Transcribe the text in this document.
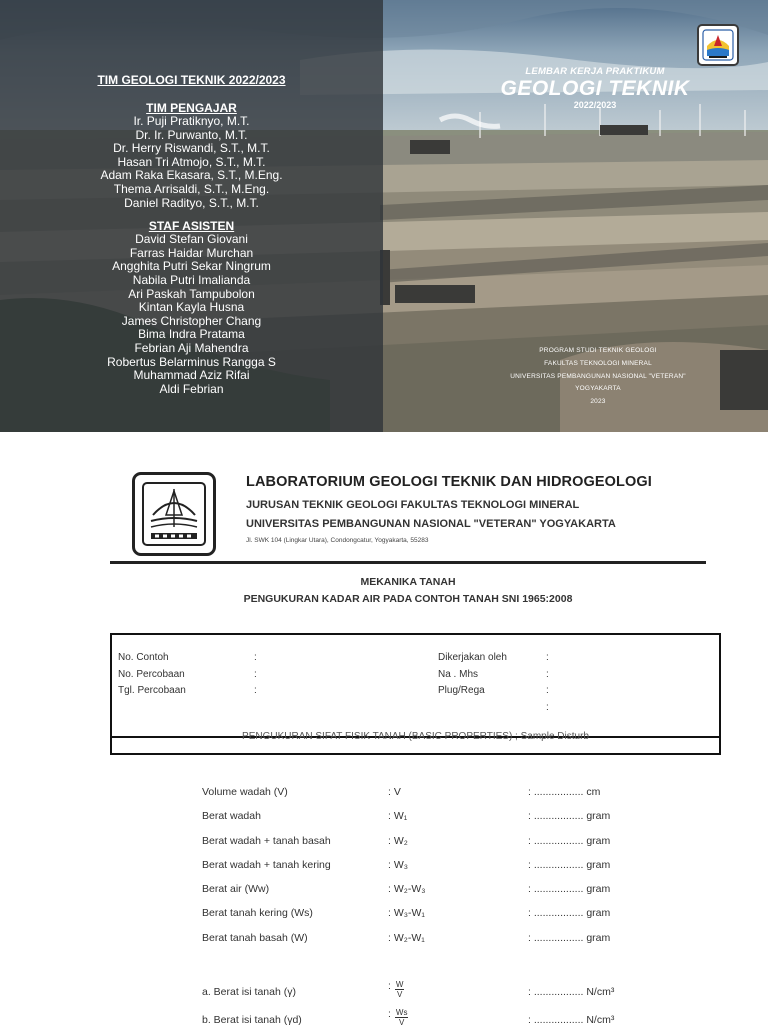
TIM GEOLOGI TEKNIK 2022/2023
TIM PENGAJAR
Ir. Puji Pratiknyo, M.T.
Dr. Ir. Purwanto, M.T.
Dr. Herry Riswandi, S.T., M.T.
Hasan Tri Atmojo, S.T., M.T.
Adam Raka Ekasara, S.T., M.Eng.
Thema Arrisaldi, S.T., M.Eng.
Daniel Radityo, S.T., M.T.
STAF ASISTEN
David Stefan Giovani
Farras Haidar Murchan
Angghita Putri Sekar Ningrum
Nabila Putri Imalianda
Ari Paskah Tampubolon
Kintan Kayla Husna
James Christopher Chang
Bima Indra Pratama
Febrian Aji Mahendra
Robertus Belarminus Rangga S
Muhammad Aziz Rifai
Aldi Febrian
LEMBAR KERJA PRAKTIKUM
GEOLOGI TEKNIK
2022/2023
PROGRAM STUDI TEKNIK GEOLOGI
FAKULTAS TEKNOLOGI MINERAL
UNIVERSITAS PEMBANGUNAN NASIONAL "VETERAN"
YOGYAKARTA
2023
LABORATORIUM GEOLOGI TEKNIK DAN HIDROGEOLOGI
JURUSAN TEKNIK GEOLOGI FAKULTAS TEKNOLOGI MINERAL
UNIVERSITAS PEMBANGUNAN NASIONAL "VETERAN" YOGYAKARTA
Jl. SWK 104 (Lingkar Utara), Condongcatur, Yogyakarta, 55283
MEKANIKA TANAH
PENGUKURAN KADAR AIR PADA CONTOH TANAH SNI 1965:2008
No. Contoh	:
No. Percobaan	:
Tgl. Percobaan	:
Dikerjakan oleh	:
Na . Mhs	:
Plug/Rega	:
:
PENGUKURAN SIFAT FISIK TANAH (BASIC PROPERTIES) ; Sample Disturb
Volume wadah (V)	: V	: ................. cm
Berat wadah	: W₁	: ................. gram
Berat wadah + tanah basah	: W₂	: ................. gram
Berat wadah + tanah kering	: W₃	: ................. gram
Berat air (Ww)	: W₂-W₃	: ................. gram
Berat tanah kering (Ws)	: W₃-W₁	: ................. gram
Berat tanah basah (W)	: W₂-W₁	: ................. gram
a. Berat isi tanah (γ)	: $\frac{W}{V}$	: ................. N/cm³
b. Berat isi tanah (γd)	: $\frac{Ws}{V}$	: ................. N/cm³
